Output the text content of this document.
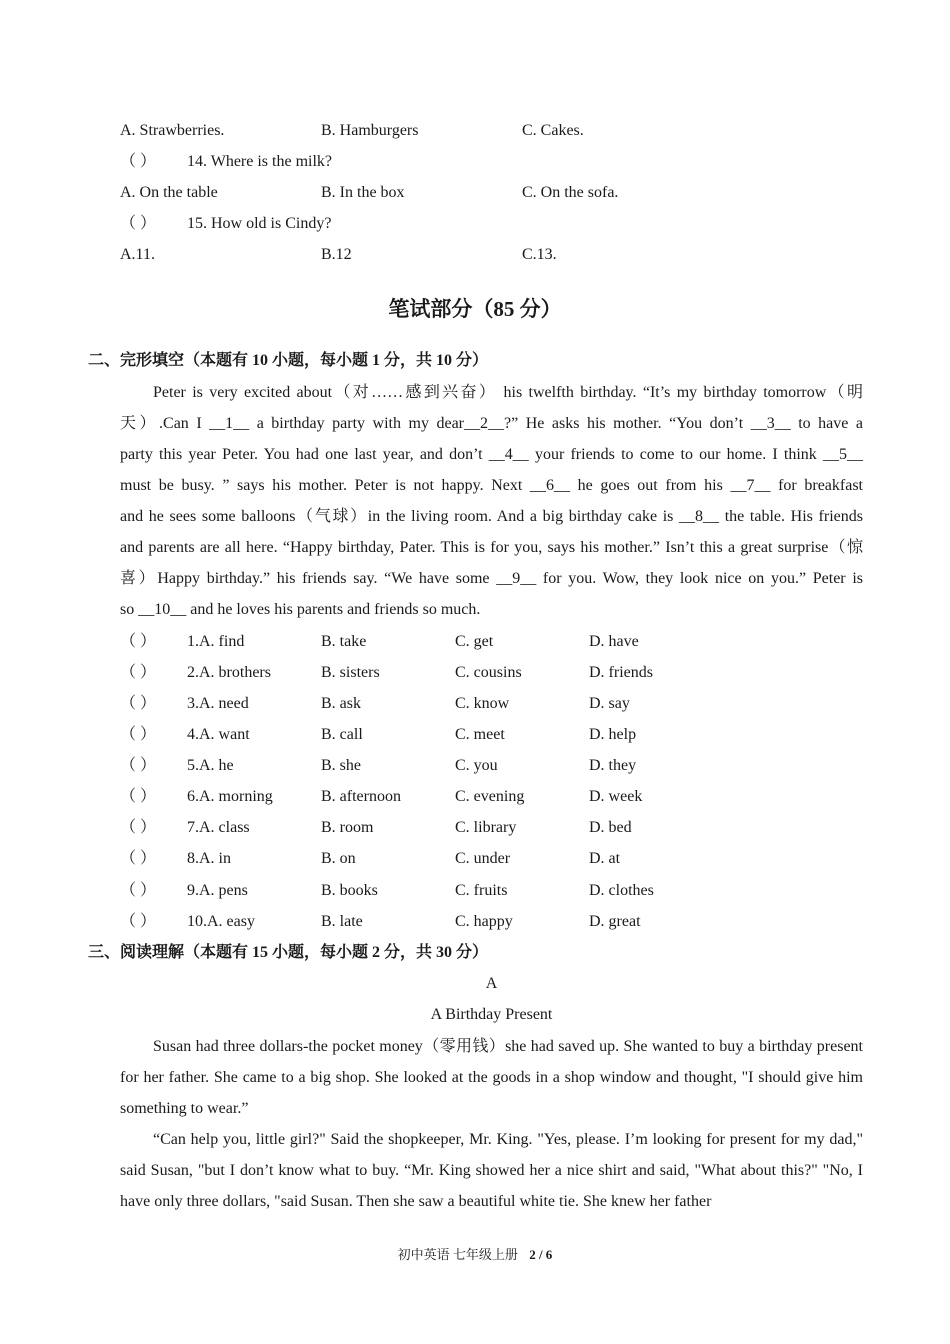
A. Strawberries.	B. Hamburgers	C. Cakes.
（ ） 14. Where is the milk?
A. On the table	B. In the box	C. On the sofa.
（ ） 15. How old is Cindy?
A.11.	B.12	C.13.
笔试部分（85 分）
二、完形填空（本题有 10 小题，每小题 1 分，共 10 分）
Peter is very excited about（对……感到兴奋） his twelfth birthday. “It’s my birthday tomorrow（明
天）.Can I __1__ a birthday party with my dear__2__?” He asks his mother. “You don’t __3__ to have a
party this year Peter. You had one last year, and don’t __4__ your friends to come to our home. I think __5__
must be busy. ” says his mother. Peter is not happy. Next __6__ he goes out from his __7__ for breakfast
and he sees some balloons（气球）in the living room. And a big birthday cake is __8__ the table. His friends
and parents are all here. “Happy birthday, Pater. This is for you, says his mother.” Isn’t this a great surprise（惊
喜）Happy birthday.” his friends say. “We have some __9__ for you. Wow, they look nice on you.” Peter is
so __10__ and he loves his parents and friends so much.
（ ） 1.A. find	B. take	C. get	D. have
（ ） 2.A. brothers	B. sisters	C. cousins	D. friends
（ ） 3.A. need	B. ask	C. know	D. say
（ ） 4.A. want	B. call	C. meet	D. help
（ ） 5.A. he	B. she	C. you	D. they
（ ） 6.A. morning	B. afternoon	C. evening	D. week
（ ） 7.A. class	B. room	C. library	D. bed
（ ） 8.A. in	B. on	C. under	D. at
（ ） 9.A. pens	B. books	C. fruits	D. clothes
（ ） 10.A. easy	B. late	C. happy	D. great
三、阅读理解（本题有 15 小题，每小题 2 分，共 30 分）
A
A Birthday Present

Susan had three dollars-the pocket money（零用钱）she had saved up. She wanted to buy a birthday present for her father. She came to a big shop. She looked at the goods in a shop window and thought, "I should give him something to wear.”

“Can help you, little girl?" Said the shopkeeper, Mr. King. "Yes, please. I’m looking for present for my dad," said Susan, "but I don’t know what to buy. “Mr. King showed her a nice shirt and said, "What about this?" "No, I have only three dollars, "said Susan. Then she saw a beautiful white tie. She knew her father

初中英语 七年级上册 2 / 6
